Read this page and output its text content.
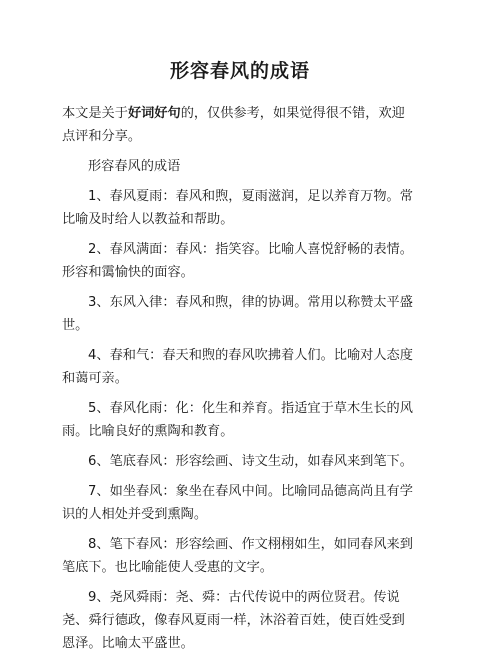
形容春风的成语

本文是关于好词好句的，仅供参考，如果觉得很不错，欢迎点评和分享。

形容春风的成语

1、春风夏雨：春风和煦，夏雨滋润，足以养育万物。常比喻及时给人以教益和帮助。

2、春风满面：春风：指笑容。比喻人喜悦舒畅的表情。形容和霭愉快的面容。

3、东风入律：春风和煦，律的协调。常用以称赞太平盛世。

4、春和气：春天和煦的春风吹拂着人们。比喻对人态度和蔼可亲。

5、春风化雨：化：化生和养育。指适宜于草木生长的风雨。比喻良好的熏陶和教育。

6、笔底春风：形容绘画、诗文生动，如春风来到笔下。

7、如坐春风：象坐在春风中间。比喻同品德高尚且有学识的人相处并受到熏陶。

8、笔下春风：形容绘画、作文栩栩如生，如同春风来到笔底下。也比喻能使人受惠的文字。

9、尧风舜雨：尧、舜：古代传说中的两位贤君。传说尧、舜行德政，像春风夏雨一样，沐浴着百姓，使百姓受到恩泽。比喻太平盛世。
